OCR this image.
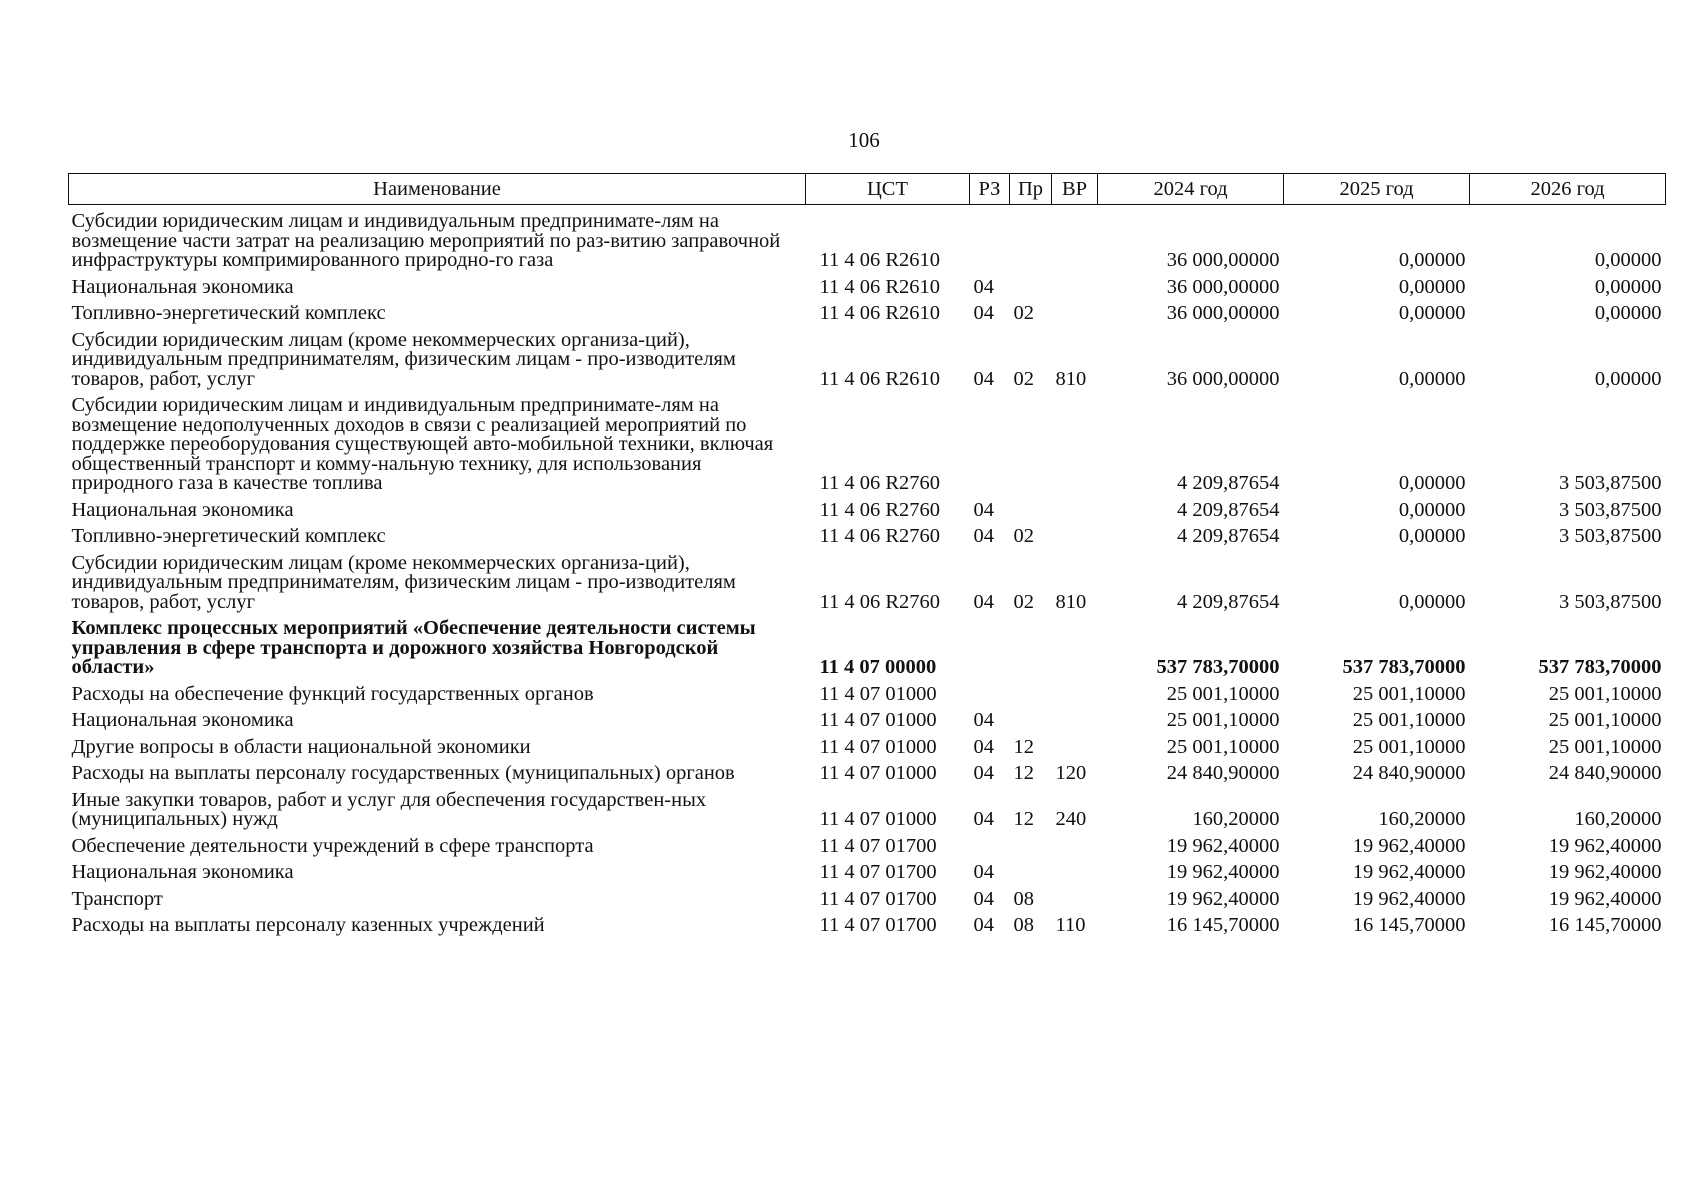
106
Наименование	ЦСТ	РЗ	Пр	ВР	2024 год	2025 год	2026 год
Субсидии юридическим лицам и индивидуальным предпринимате-лям на возмещение части затрат на реализацию мероприятий по раз-витию заправочной инфраструктуры компримированного природно-го газа	11 4 06 R2610				36 000,00000	0,00000	0,00000
Национальная экономика	11 4 06 R2610	04			36 000,00000	0,00000	0,00000
Топливно-энергетический комплекс	11 4 06 R2610	04	02		36 000,00000	0,00000	0,00000
Субсидии юридическим лицам (кроме некоммерческих организа-ций), индивидуальным предпринимателям, физическим лицам - про-изводителям товаров, работ, услуг	11 4 06 R2610	04	02	810	36 000,00000	0,00000	0,00000
Субсидии юридическим лицам и индивидуальным предпринимате-лям на возмещение недополученных доходов в связи с реализацией мероприятий по поддержке переоборудования существующей авто-мобильной техники, включая общественный транспорт и комму-нальную технику, для использования природного газа в качестве топлива	11 4 06 R2760				4 209,87654	0,00000	3 503,87500
Национальная экономика	11 4 06 R2760	04			4 209,87654	0,00000	3 503,87500
Топливно-энергетический комплекс	11 4 06 R2760	04	02		4 209,87654	0,00000	3 503,87500
Субсидии юридическим лицам (кроме некоммерческих организа-ций), индивидуальным предпринимателям, физическим лицам - про-изводителям товаров, работ, услуг	11 4 06 R2760	04	02	810	4 209,87654	0,00000	3 503,87500
Комплекс процессных мероприятий «Обеспечение деятельности системы управления в сфере транспорта и дорожного хозяйства Новгородской области»	11 4 07 00000				537 783,70000	537 783,70000	537 783,70000
Расходы на обеспечение функций государственных органов	11 4 07 01000				25 001,10000	25 001,10000	25 001,10000
Национальная экономика	11 4 07 01000	04			25 001,10000	25 001,10000	25 001,10000
Другие вопросы в области национальной экономики	11 4 07 01000	04	12		25 001,10000	25 001,10000	25 001,10000
Расходы на выплаты персоналу государственных (муниципальных) органов	11 4 07 01000	04	12	120	24 840,90000	24 840,90000	24 840,90000
Иные закупки товаров, работ и услуг для обеспечения государствен-ных (муниципальных) нужд	11 4 07 01000	04	12	240	160,20000	160,20000	160,20000
Обеспечение деятельности учреждений в сфере транспорта	11 4 07 01700				19 962,40000	19 962,40000	19 962,40000
Национальная экономика	11 4 07 01700	04			19 962,40000	19 962,40000	19 962,40000
Транспорт	11 4 07 01700	04	08		19 962,40000	19 962,40000	19 962,40000
Расходы на выплаты персоналу казенных учреждений	11 4 07 01700	04	08	110	16 145,70000	16 145,70000	16 145,70000
